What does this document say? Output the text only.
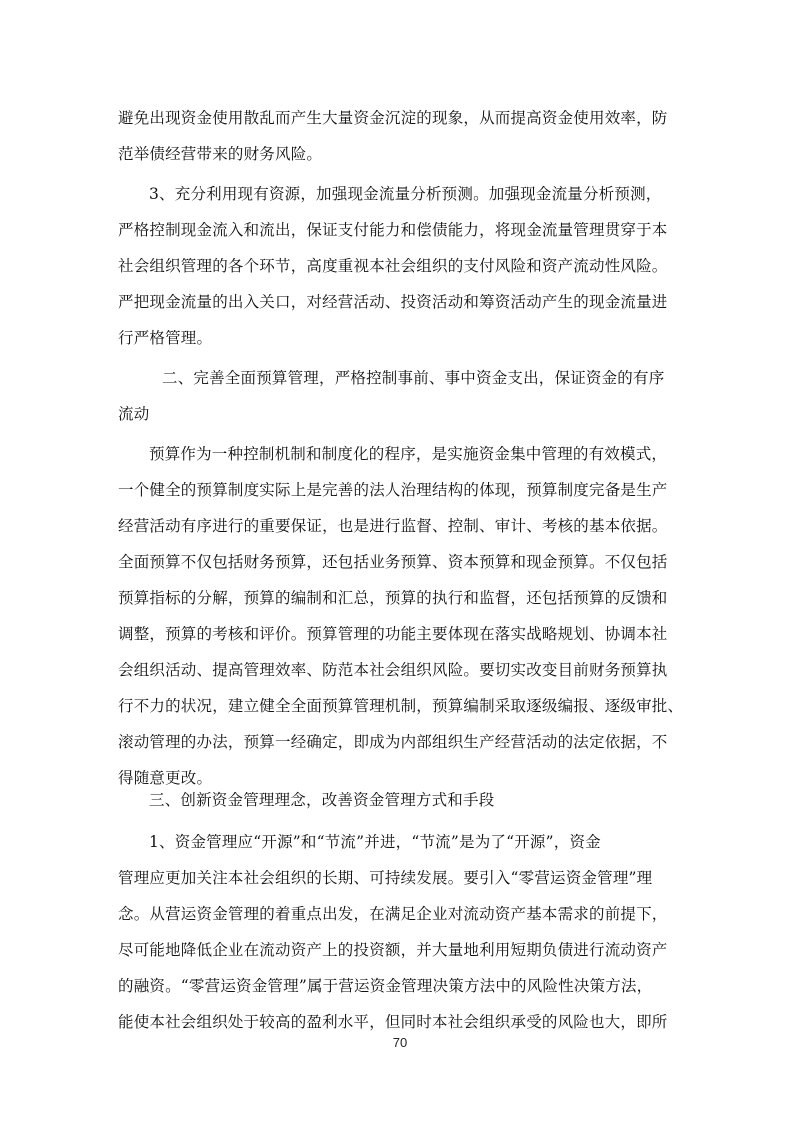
避免出现资金使用散乱而产生大量资金沉淀的现象，从而提高资金使用效率，防
范举债经营带来的财务风险。
3、充分利用现有资源，加强现金流量分析预测。加强现金流量分析预测，
严格控制现金流入和流出，保证支付能力和偿债能力，将现金流量管理贯穿于本
社会组织管理的各个环节，高度重视本社会组织的支付风险和资产流动性风险。
严把现金流量的出入关口，对经营活动、投资活动和筹资活动产生的现金流量进
行严格管理。
二、完善全面预算管理，严格控制事前、事中资金支出，保证资金的有序
流动
预算作为一种控制机制和制度化的程序，是实施资金集中管理的有效模式，
一个健全的预算制度实际上是完善的法人治理结构的体现，预算制度完备是生产
经营活动有序进行的重要保证，也是进行监督、控制、审计、考核的基本依据。
全面预算不仅包括财务预算，还包括业务预算、资本预算和现金预算。不仅包括
预算指标的分解，预算的编制和汇总，预算的执行和监督，还包括预算的反馈和
调整，预算的考核和评价。预算管理的功能主要体现在落实战略规划、协调本社
会组织活动、提高管理效率、防范本社会组织风险。要切实改变目前财务预算执
行不力的状况，建立健全全面预算管理机制，预算编制采取逐级编报、逐级审批、
滚动管理的办法，预算一经确定，即成为内部组织生产经营活动的法定依据，不
得随意更改。
三、创新资金管理理念，改善资金管理方式和手段
1、资金管理应“开源”和“节流”并进，“节流”是为了“开源”，资金
管理应更加关注本社会组织的长期、可持续发展。要引入“零营运资金管理”理
念。从营运资金管理的着重点出发，在满足企业对流动资产基本需求的前提下，
尽可能地降低企业在流动资产上的投资额，并大量地利用短期负债进行流动资产
的融资。“零营运资金管理”属于营运资金管理决策方法中的风险性决策方法，
能使本社会组织处于较高的盈利水平，但同时本社会组织承受的风险也大，即所
70
